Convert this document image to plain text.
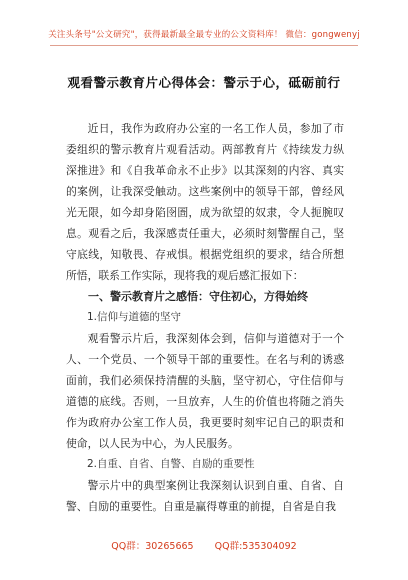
关注头条号"公文研究"，获得最新最全最专业的公文资料库！ 微信：gongwenyj
观看警示教育片心得体会：警示于心，砥砺前行

近日，我作为政府办公室的一名工作人员，参加了市委组织的警示教育片观看活动。两部教育片《持续发力纵深推进》和《自我革命永不止步》以其深刻的内容、真实的案例，让我深受触动。这些案例中的领导干部，曾经风光无限，如今却身陷囹圄，成为欲望的奴隶，令人扼腕叹息。观看之后，我深感责任重大，必须时刻警醒自己，坚守底线，知敬畏、存戒惧。根据党组织的要求，结合所想所悟，联系工作实际，现将我的观后感汇报如下：

一、警示教育片之感悟：守住初心，方得始终

1.信仰与道德的坚守

观看警示片后，我深刻体会到，信仰与道德对于一个人、一个党员、一个领导干部的重要性。在名与利的诱惑面前，我们必须保持清醒的头脑，坚守初心，守住信仰与道德的底线。否则，一旦放弃，人生的价值也将随之消失作为政府办公室工作人员，我更要时刻牢记自己的职责和使命，以人民为中心，为人民服务。

2.自重、自省、自警、自励的重要性

警示片中的典型案例让我深刻认识到自重、自省、自警、自励的重要性。自重是赢得尊重的前提，自省是自我

QQ群：30265665 QQ群:535304092
